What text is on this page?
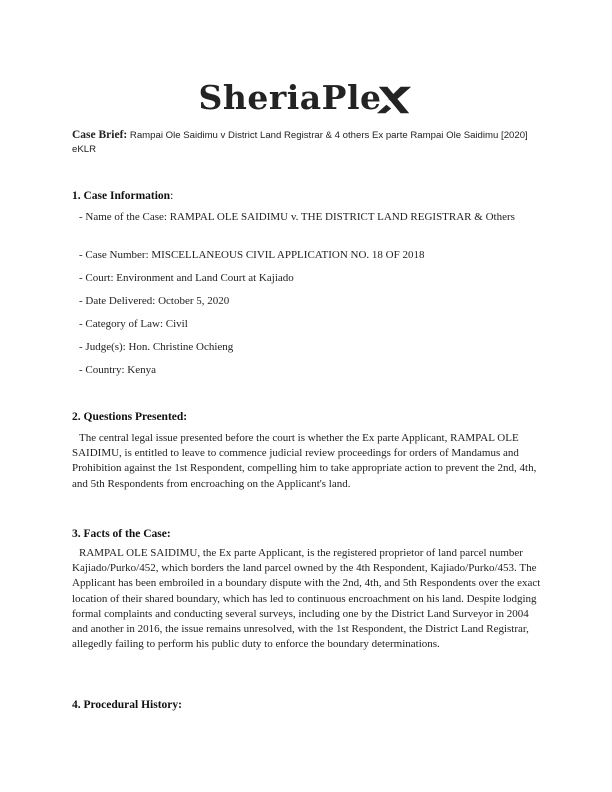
SheriaPle
Case Brief: Rampai Ole Saidimu v District Land Registrar & 4 others Ex parte Rampai Ole Saidimu [2020] eKLR
1. Case Information:
- Name of the Case: RAMPAL OLE SAIDIMU v. THE DISTRICT LAND REGISTRAR & Others
- Case Number: MISCELLANEOUS CIVIL APPLICATION NO. 18 OF 2018
- Court: Environment and Land Court at Kajiado
- Date Delivered: October 5, 2020
- Category of Law: Civil
- Judge(s): Hon. Christine Ochieng
- Country: Kenya
2. Questions Presented:
The central legal issue presented before the court is whether the Ex parte Applicant, RAMPAL OLE SAIDIMU, is entitled to leave to commence judicial review proceedings for orders of Mandamus and Prohibition against the 1st Respondent, compelling him to take appropriate action to prevent the 2nd, 4th, and 5th Respondents from encroaching on the Applicant's land.
3. Facts of the Case:
RAMPAL OLE SAIDIMU, the Ex parte Applicant, is the registered proprietor of land parcel number Kajiado/Purko/452, which borders the land parcel owned by the 4th Respondent, Kajiado/Purko/453. The Applicant has been embroiled in a boundary dispute with the 2nd, 4th, and 5th Respondents over the exact location of their shared boundary, which has led to continuous encroachment on his land. Despite lodging formal complaints and conducting several surveys, including one by the District Land Surveyor in 2004 and another in 2016, the issue remains unresolved, with the 1st Respondent, the District Land Registrar, allegedly failing to perform his public duty to enforce the boundary determinations.
4. Procedural History:
